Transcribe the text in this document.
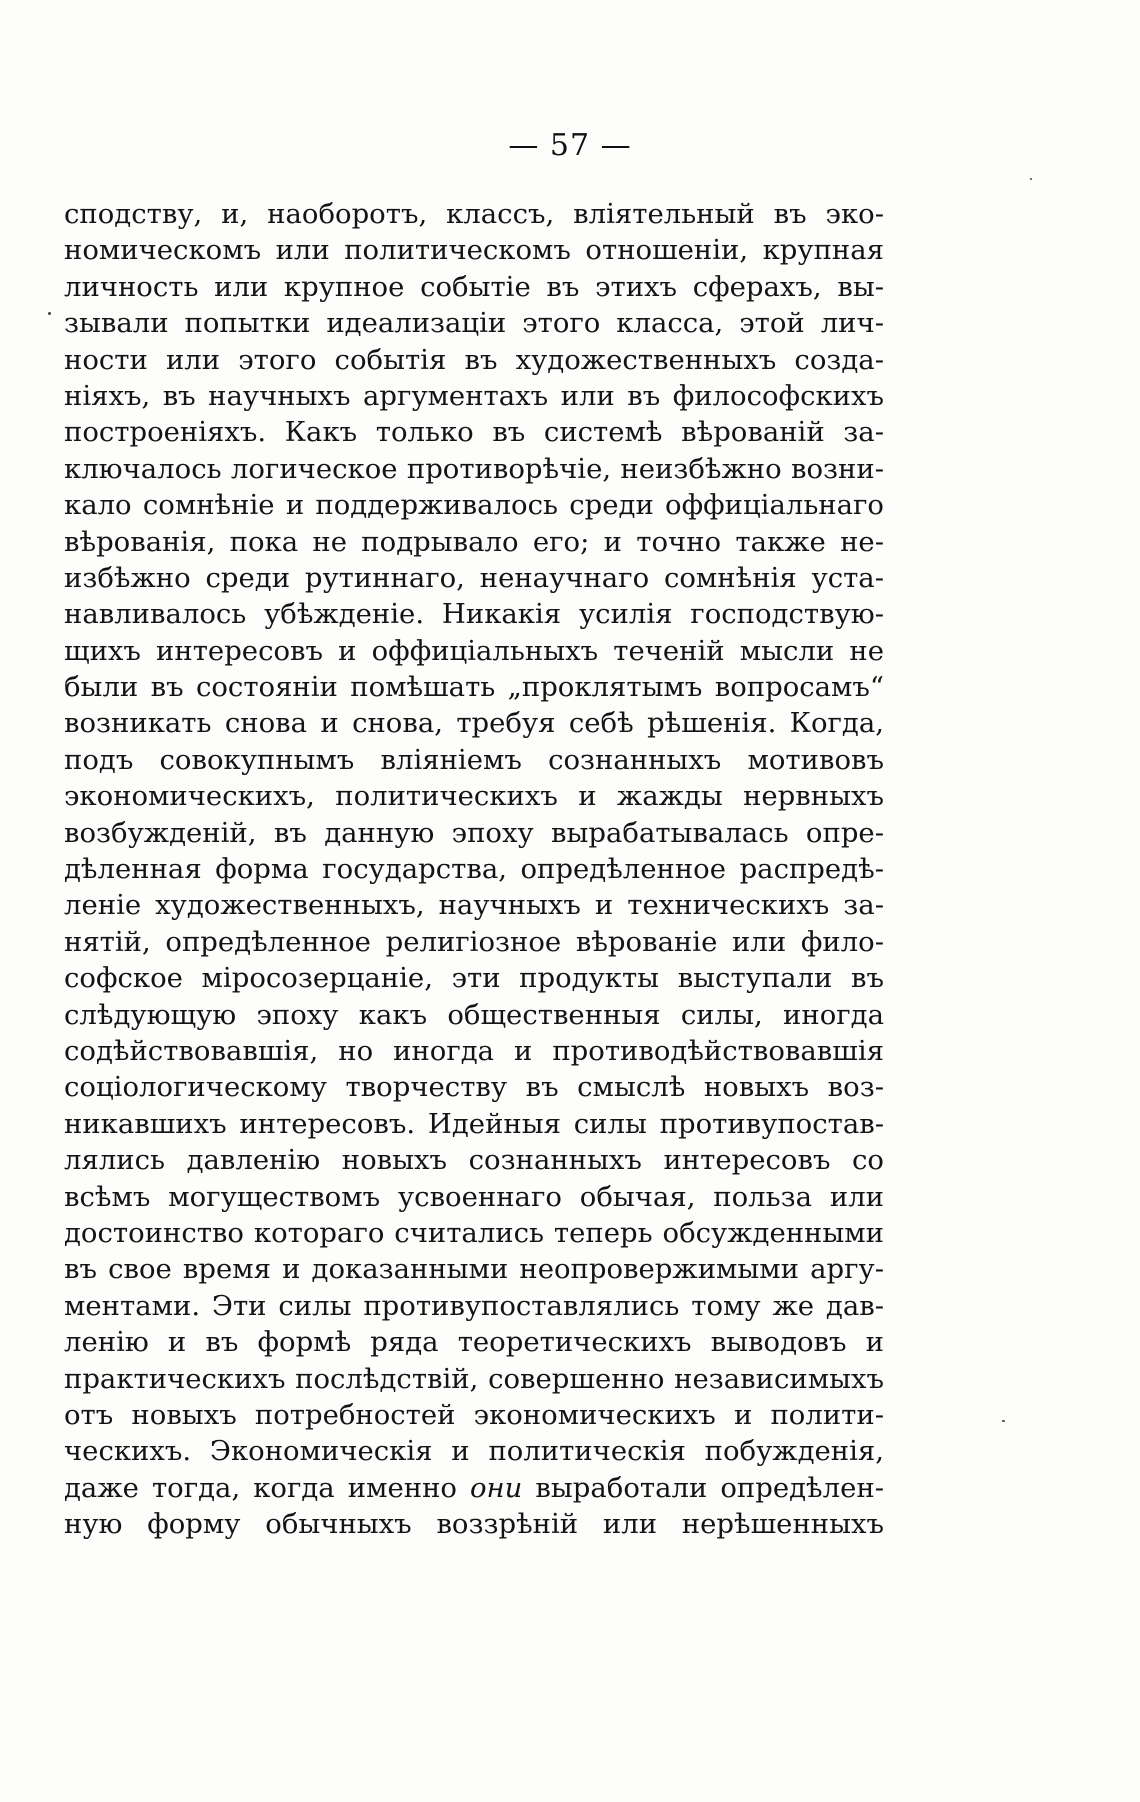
— 57 —
сподству, и, наоборотъ, классъ, влiятельный въ эко-
номическомъ или политическомъ отношенiи, крупная
личность или крупное событiе въ этихъ сферахъ, вы-
зывали попытки идеализацiи этого класса, этой лич-
ности или этого событiя въ художественныхъ созда-
нiяхъ, въ научныхъ аргументахъ или въ философскихъ
построенiяхъ. Какъ только въ системѣ вѣрованiй за-
ключалось логическое противорѣчiе, неизбѣжно возни-
кало сомнѣнiе и поддерживалось среди оффицiальнаго
вѣрованiя, пока не подрывало его; и точно также не-
избѣжно среди рутиннаго, ненаучнаго сомнѣнiя уста-
навливалось убѣжденiе. Никакiя усилiя господствую-
щихъ интересовъ и оффицiальныхъ теченiй мысли не
были въ состоянiи помѣшать „проклятымъ вопросамъ“
возникать снова и снова, требуя себѣ рѣшенiя. Когда,
подъ совокупнымъ влiянiемъ сознанныхъ мотивовъ
экономическихъ, политическихъ и жажды нервныхъ
возбужденiй, въ данную эпоху вырабатывалась опре-
дѣленная форма государства, опредѣленное распредѣ-
ленiе художественныхъ, научныхъ и техническихъ за-
нятiй, опредѣленное религiозное вѣрованiе или фило-
софское мiросозерцанiе, эти продукты выступали въ
слѣдующую эпоху какъ общественныя силы, иногда
содѣйствовавшiя, но иногда и противодѣйствовавшiя
соцiологическому творчеству въ смыслѣ новыхъ воз-
никавшихъ интересовъ. Идейныя силы противупостав-
лялись давленiю новыхъ сознанныхъ интересовъ со
всѣмъ могуществомъ усвоеннаго обычая, польза или
достоинство котораго считались теперь обсужденными
въ свое время и доказанными неопровержимыми аргу-
ментами. Эти силы противупоставлялись тому же дав-
ленiю и въ формѣ ряда теоретическихъ выводовъ и
практическихъ послѣдствiй, совершенно независимыхъ
отъ новыхъ потребностей экономическихъ и полити-
ческихъ. Экономическiя и политическiя побужденiя,
даже тогда, когда именно они выработали опредѣлен-
ную форму обычныхъ воззрѣнiй или нерѣшенныхъ
